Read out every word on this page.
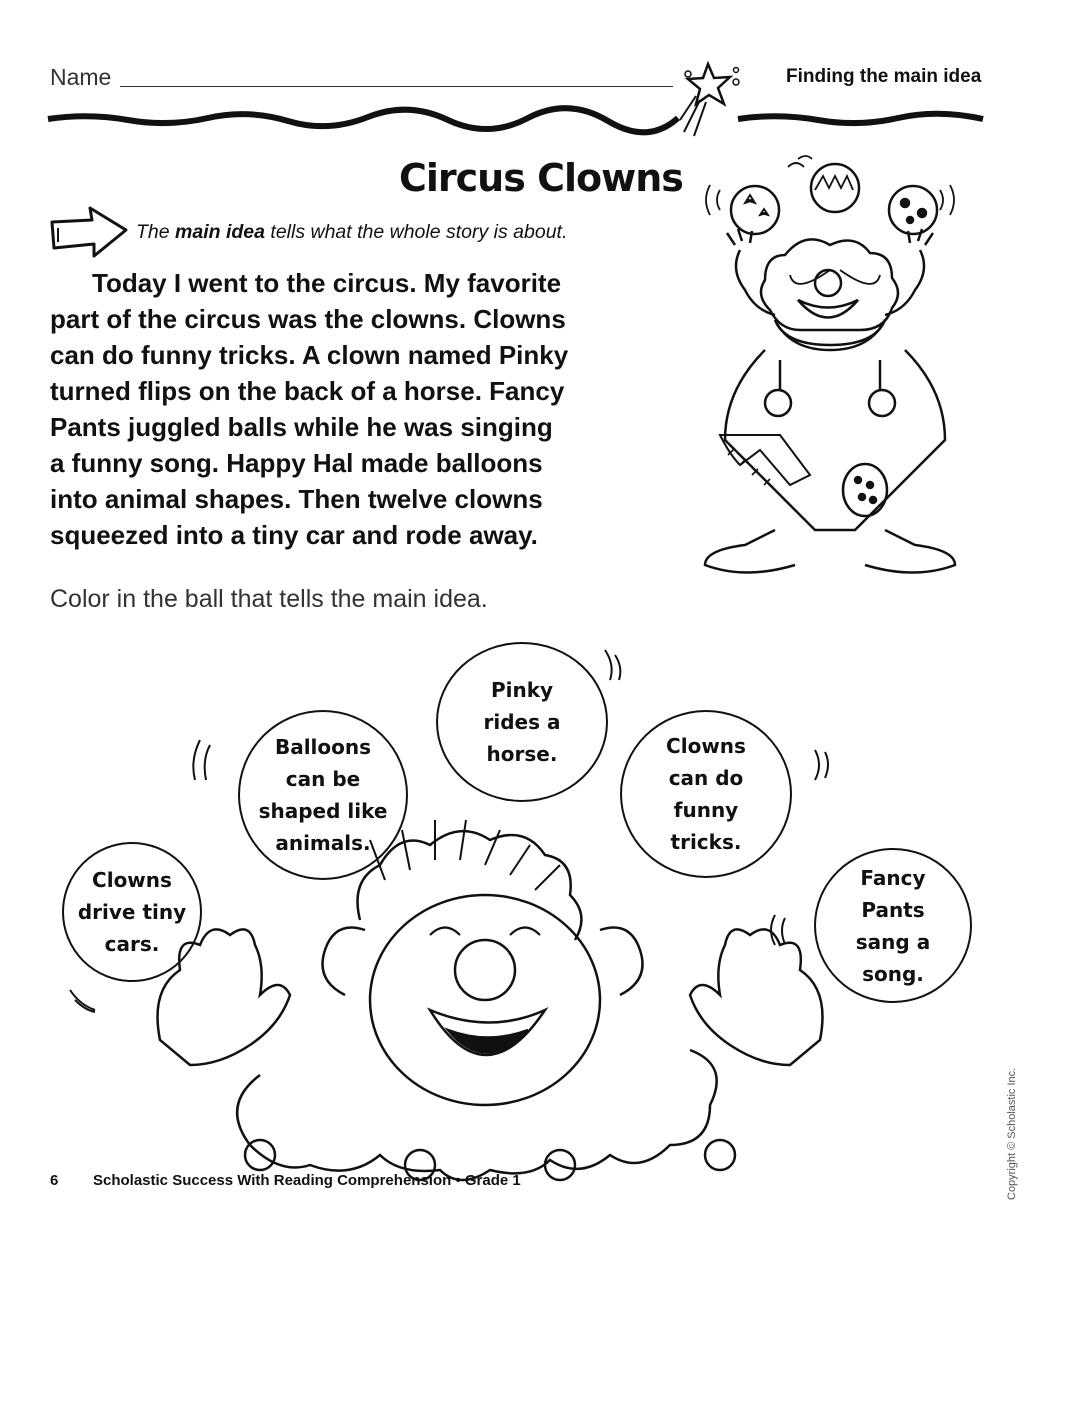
Name	Finding the main idea
Circus Clowns
The main idea tells what the whole story is about.
Today I went to the circus. My favorite
part of the circus was the clowns. Clowns
can do funny tricks. A clown named Pinky
turned flips on the back of a horse. Fancy
Pants juggled balls while he was singing
a funny song. Happy Hal made balloons
into animal shapes. Then twelve clowns
squeezed into a tiny car and rode away.
Color in the ball that tells the main idea.
Clowns
drive tiny
cars.
Balloons
can be
shaped like
animals.
Pinky
rides a
horse.	Clowns
can do
funny
tricks.
Fancy
Pants
sang a
song.
6 Scholastic Success With Reading Comprehension • Grade 1	Copyright © Scholastic Inc.
